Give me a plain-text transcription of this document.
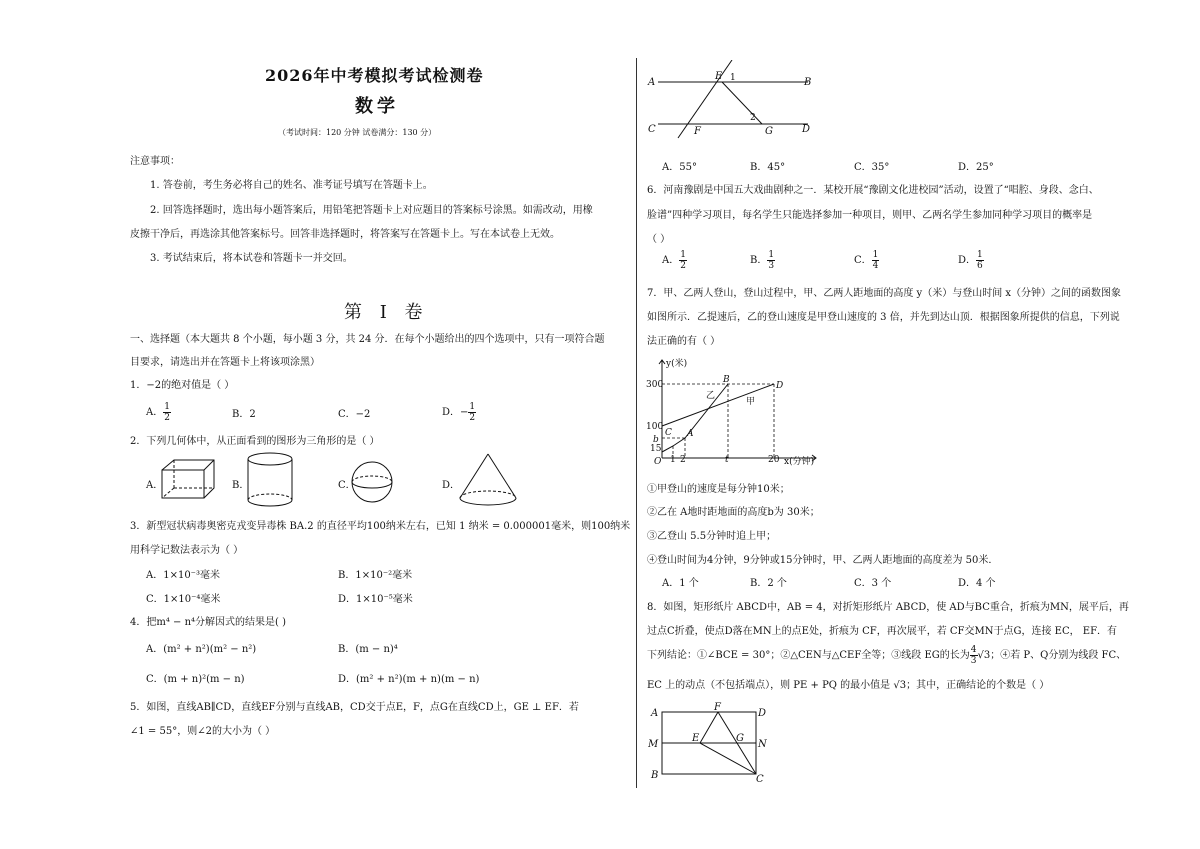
2026年中考模拟考试检测卷
数学
（考试时间：120 分钟 试卷满分：130 分）
注意事项：
1. 答卷前，考生务必将自己的姓名、准考证号填写在答题卡上。
2. 回答选择题时，选出每小题答案后，用铅笔把答题卡上对应题目的答案标号涂黑。如需改动，用橡
皮擦干净后，再选涂其他答案标号。回答非选择题时，将答案写在答题卡上。写在本试卷上无效。
3. 考试结束后，将本试卷和答题卡一并交回。
第 I 卷
一、选择题（本大题共 8 个小题，每小题 3 分，共 24 分．在每个小题给出的四个选项中，只有一项符合题
目要求，请选出并在答题卡上将该项涂黑）
1．−2的绝对值是（ ）
A． $\frac{1}{2}$	B．2	C．−2	D．− $\frac{1}{2}$
2．下列几何体中，从正面看到的图形为三角形的是（ ）
A．	B．	C．	D．
3．新型冠状病毒奥密克戎变异毒株 BA.2 的直径平均100纳米左右，已知 1 纳米 = 0.000001毫米，则100纳米
用科学记数法表示为（ ）
A．1×10⁻³毫米	B．1×10⁻²毫米
C．1×10⁻⁴毫米	D．1×10⁻⁵毫米
4．把m⁴ − n⁴分解因式的结果是( )
A．(m² + n²)(m² − n²)	B．(m − n)⁴
C．(m + n)²(m − n)	D．(m² + n²)(m + n)(m − n)
5．如图，直线AB∥CD，直线EF分别与直线AB，CD交于点E，F，点G在直线CD上，GE ⊥ EF．若
∠1 = 55°，则∠2的大小为（ ）
A	B
C	D
E
F	G
1
2
A．55°	B．45°	C．35°	D．25°
6．河南豫剧是中国五大戏曲剧种之一．某校开展“豫剧文化进校园”活动，设置了“唱腔、身段、念白、
脸谱”四种学习项目，每名学生只能选择参加一种项目，则甲、乙两名学生参加同种学习项目的概率是
（ ）
A． $\frac{1}{2}$	B． $\frac{1}{3}$	C． $\frac{1}{4}$	D． $\frac{1}{6}$
7．甲、乙两人登山，登山过程中，甲、乙两人距地面的高度 y（米）与登山时间 x（分钟）之间的函数图象
如图所示．乙提速后，乙的登山速度是甲登山速度的 3 倍，并先到达山顶．根据图象所提供的信息，下列说
法正确的有（ ）
y(米)
x(分钟)
300
100
b
15
O 1 2	t	20
A
B
C
D
乙
甲
①甲登山的速度是每分钟10米；
②乙在 A地时距地面的高度b为 30米；
③乙登山 5.5分钟时追上甲；
④登山时间为4分钟，9分钟或15分钟时，甲、乙两人距地面的高度差为 50米．
A．1 个	B．2 个	C．3 个	D．4 个
8．如图，矩形纸片 ABCD中，AB = 4，对折矩形纸片 ABCD，使 AD与BC重合，折痕为MN，展平后，再
过点C折叠，使点D落在MN上的点E处，折痕为 CF，再次展平，若 CF交MN于点G，连接 EC， EF．有
下列结论：①∠BCE = 30°；②△CEN与△CEF全等；③线段 EG的长为 $\frac{4}{3} √3$；④若 P、Q分别为线段 FC、
EC 上的动点（不包括端点），则 PE + PQ 的最小值是 √3；其中，正确结论的个数是（ ）
A
F
D
M
E	G
N
B	C
